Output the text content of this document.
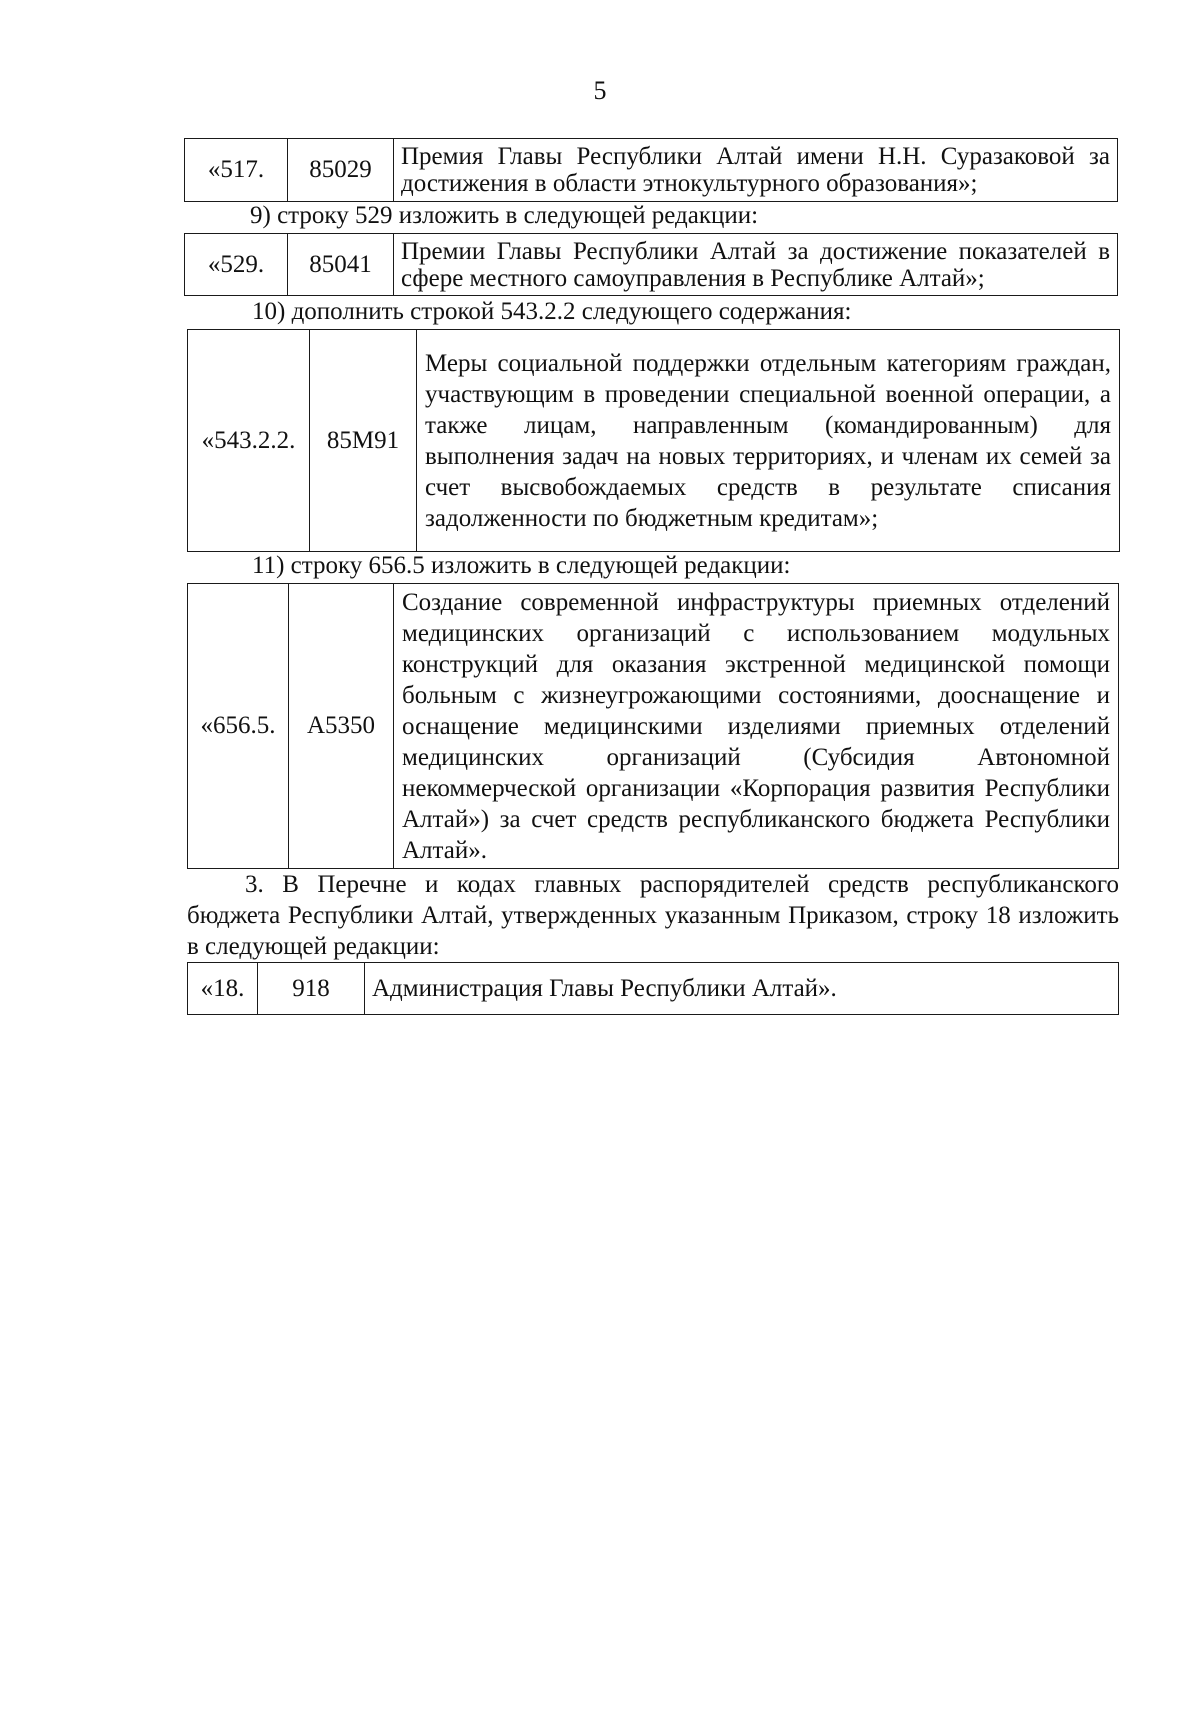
5
«517.	85029	Премия Главы Республики Алтай имени Н.Н. Суразаковой за достижения в области этнокультурного образования»;
9) строку 529 изложить в следующей редакции:
«529.	85041	Премии Главы Республики Алтай за достижение показателей в сфере местного самоуправления в Республике Алтай»;
10) дополнить строкой 543.2.2 следующего содержания:
«543.2.2.	85М91	Меры социальной поддержки отдельным категориям граждан, участвующим в проведении специальной военной операции, а также лицам, направленным (командированным) для выполнения задач на новых территориях, и членам их семей за счет высвобождаемых средств в результате списания задолженности по бюджетным кредитам»;
11) строку 656.5 изложить в следующей редакции:
«656.5.	А5350	Создание современной инфраструктуры приемных отделений медицинских организаций с использованием модульных конструкций для оказания экстренной медицинской помощи больным с жизнеугрожающими состояниями, дооснащение и оснащение медицинскими изделиями приемных отделений медицинских организаций (Субсидия Автономной некоммерческой организации «Корпорация развития Республики Алтай») за счет средств республиканского бюджета Республики Алтай».
3. В Перечне и кодах главных распорядителей средств республиканского бюджета Республики Алтай, утвержденных указанным Приказом, строку 18 изложить в следующей редакции:
«18.	918	Администрация Главы Республики Алтай».
